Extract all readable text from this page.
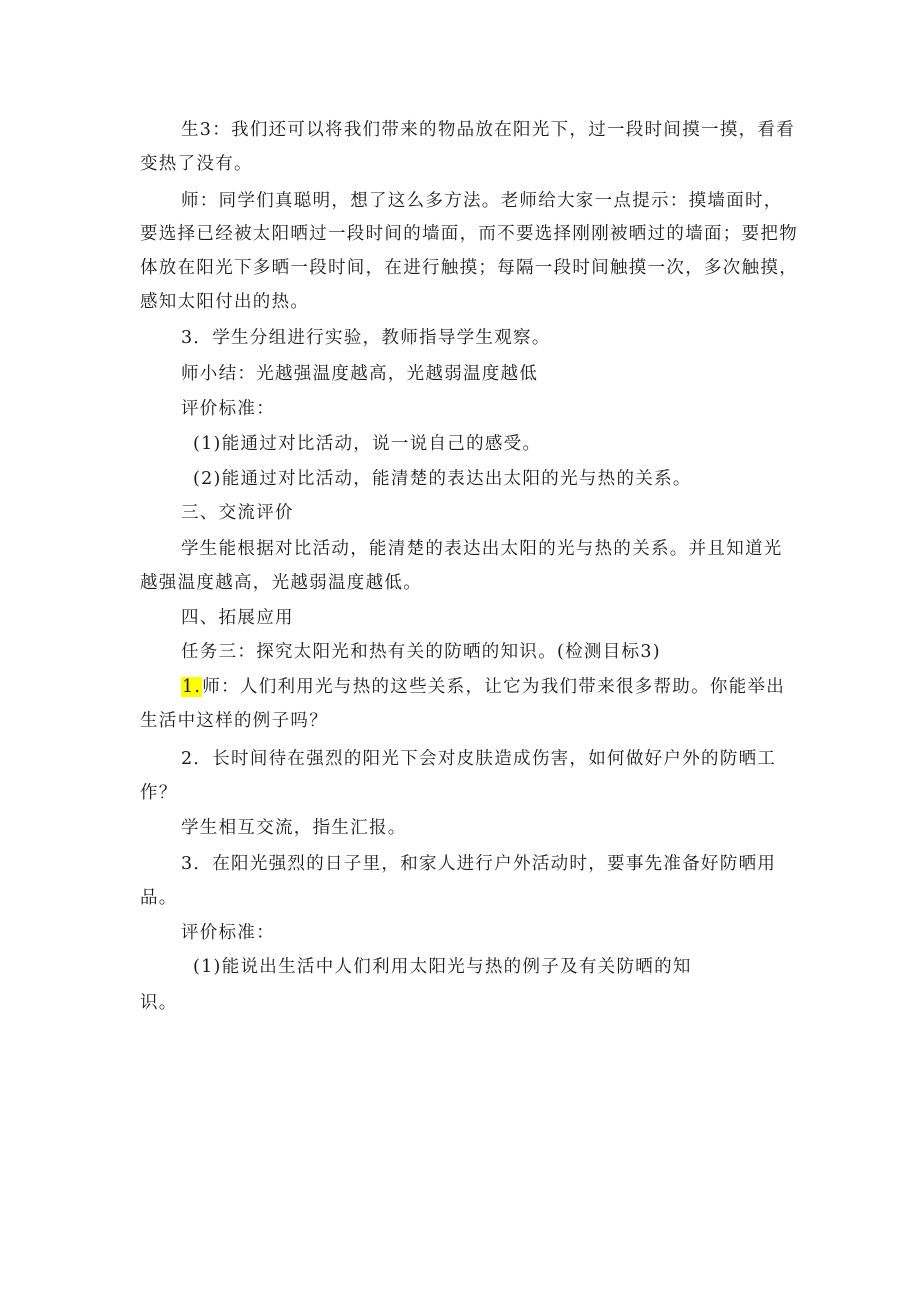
生3：我们还可以将我们带来的物品放在阳光下，过一段时间摸一摸，看看
变热了没有。
师：同学们真聪明，想了这么多方法。老师给大家一点提示：摸墙面时，
要选择已经被太阳晒过一段时间的墙面，而不要选择刚刚被晒过的墙面；要把物
体放在阳光下多晒一段时间，在进行触摸；每隔一段时间触摸一次，多次触摸，
感知太阳付出的热。
3．学生分组进行实验，教师指导学生观察。
师小结：光越强温度越高，光越弱温度越低
评价标准：
(1)能通过对比活动，说一说自己的感受。
(2)能通过对比活动，能清楚的表达出太阳的光与热的关系。
三、交流评价
学生能根据对比活动，能清楚的表达出太阳的光与热的关系。并且知道光
越强温度越高，光越弱温度越低。
四、拓展应用
任务三：探究太阳光和热有关的防晒的知识。(检测目标3)
1.师：人们利用光与热的这些关系，让它为我们带来很多帮助。你能举出
生活中这样的例子吗？
2．长时间待在强烈的阳光下会对皮肤造成伤害，如何做好户外的防晒工
作？
学生相互交流，指生汇报。
3．在阳光强烈的日子里，和家人进行户外活动时，要事先准备好防晒用
品。
评价标准：
(1)能说出生活中人们利用太阳光与热的例子及有关防晒的知
识。
